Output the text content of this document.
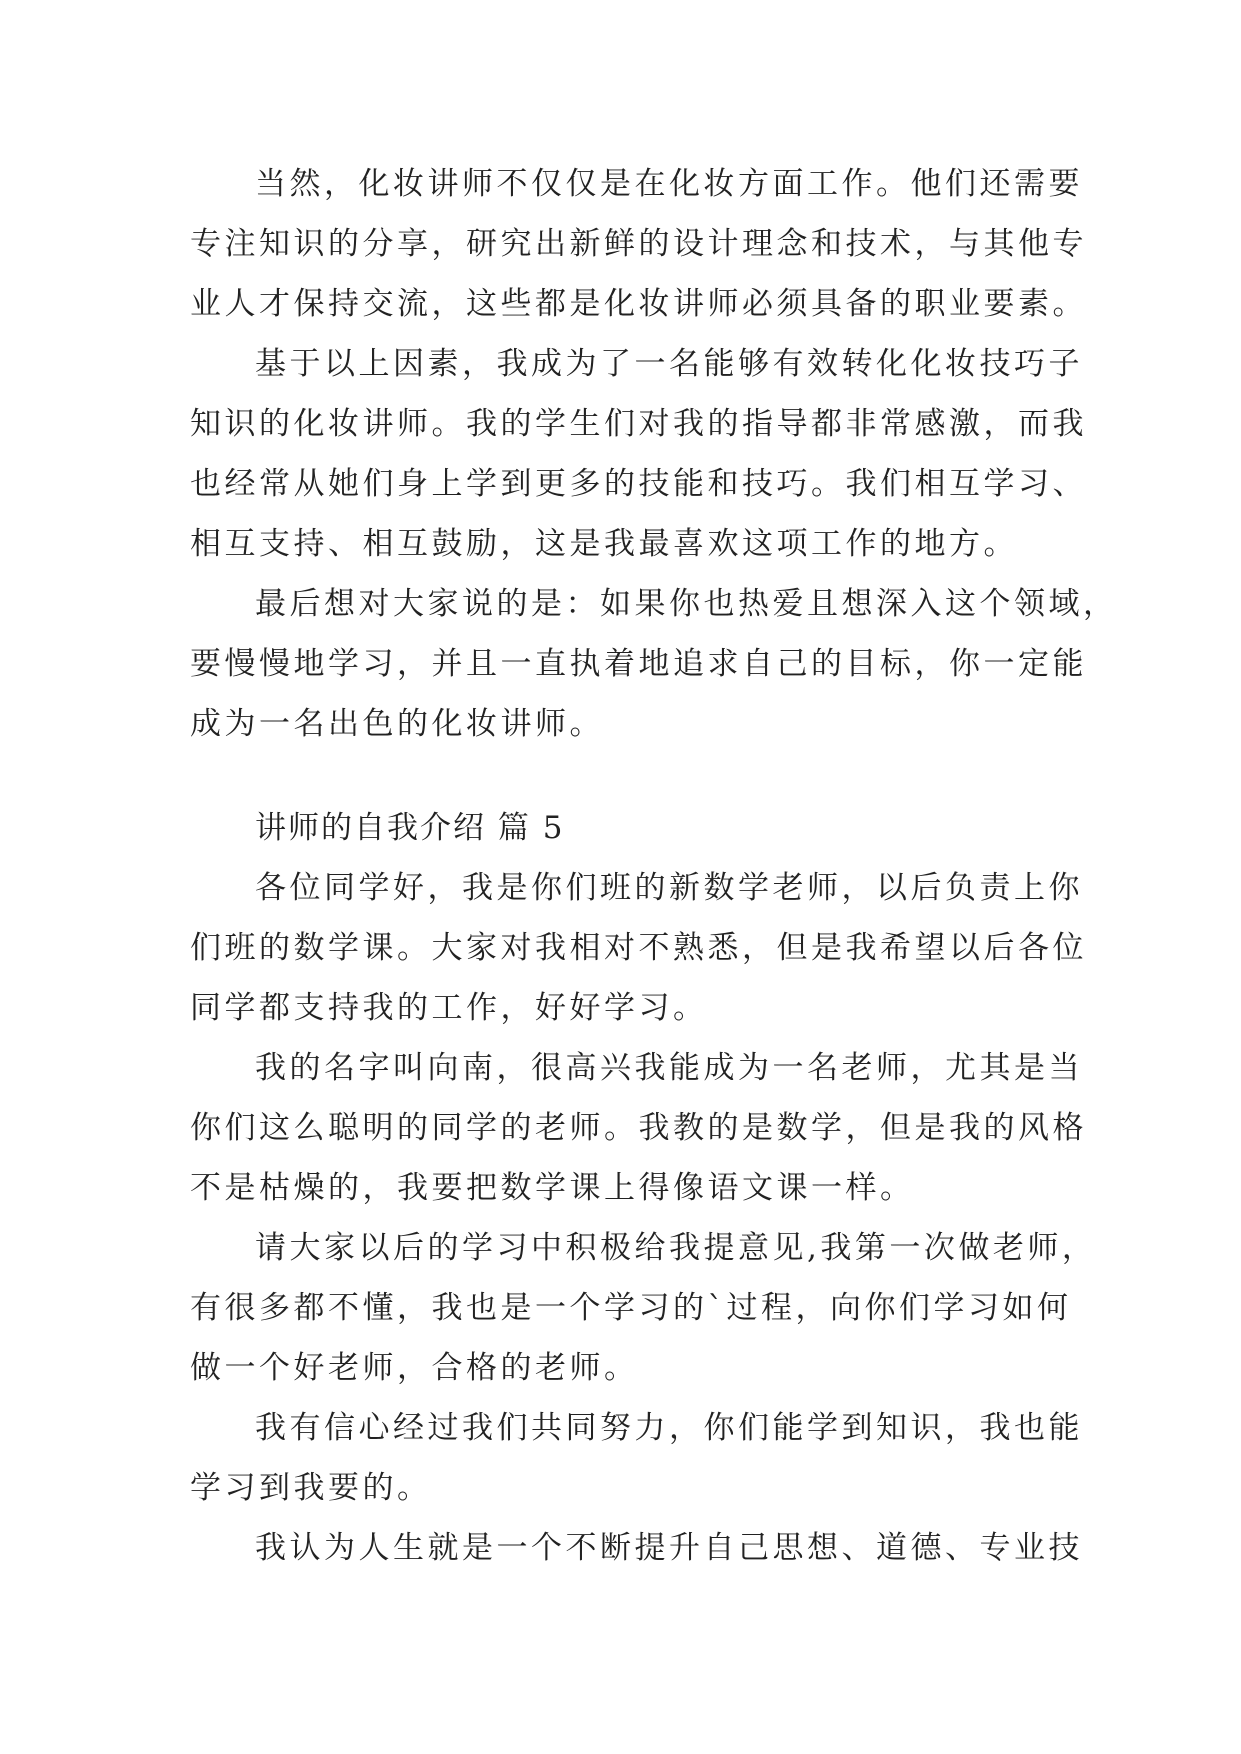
当然，化妆讲师不仅仅是在化妆方面工作。他们还需要
专注知识的分享，研究出新鲜的设计理念和技术，与其他专
业人才保持交流，这些都是化妆讲师必须具备的职业要素。
基于以上因素，我成为了一名能够有效转化化妆技巧子
知识的化妆讲师。我的学生们对我的指导都非常感激，而我
也经常从她们身上学到更多的技能和技巧。我们相互学习、
相互支持、相互鼓励，这是我最喜欢这项工作的地方。
最后想对大家说的是：如果你也热爱且想深入这个领域，
要慢慢地学习，并且一直执着地追求自己的目标，你一定能
成为一名出色的化妆讲师。
讲师的自我介绍 篇 5
各位同学好，我是你们班的新数学老师，以后负责上你
们班的数学课。大家对我相对不熟悉，但是我希望以后各位
同学都支持我的工作，好好学习。
我的名字叫向南，很高兴我能成为一名老师，尤其是当
你们这么聪明的同学的老师。我教的是数学，但是我的风格
不是枯燥的，我要把数学课上得像语文课一样。
请大家以后的学习中积极给我提意见,我第一次做老师，
有很多都不懂，我也是一个学习的`过程，向你们学习如何
做一个好老师，合格的老师。
我有信心经过我们共同努力，你们能学到知识，我也能
学习到我要的。
我认为人生就是一个不断提升自己思想、道德、专业技
